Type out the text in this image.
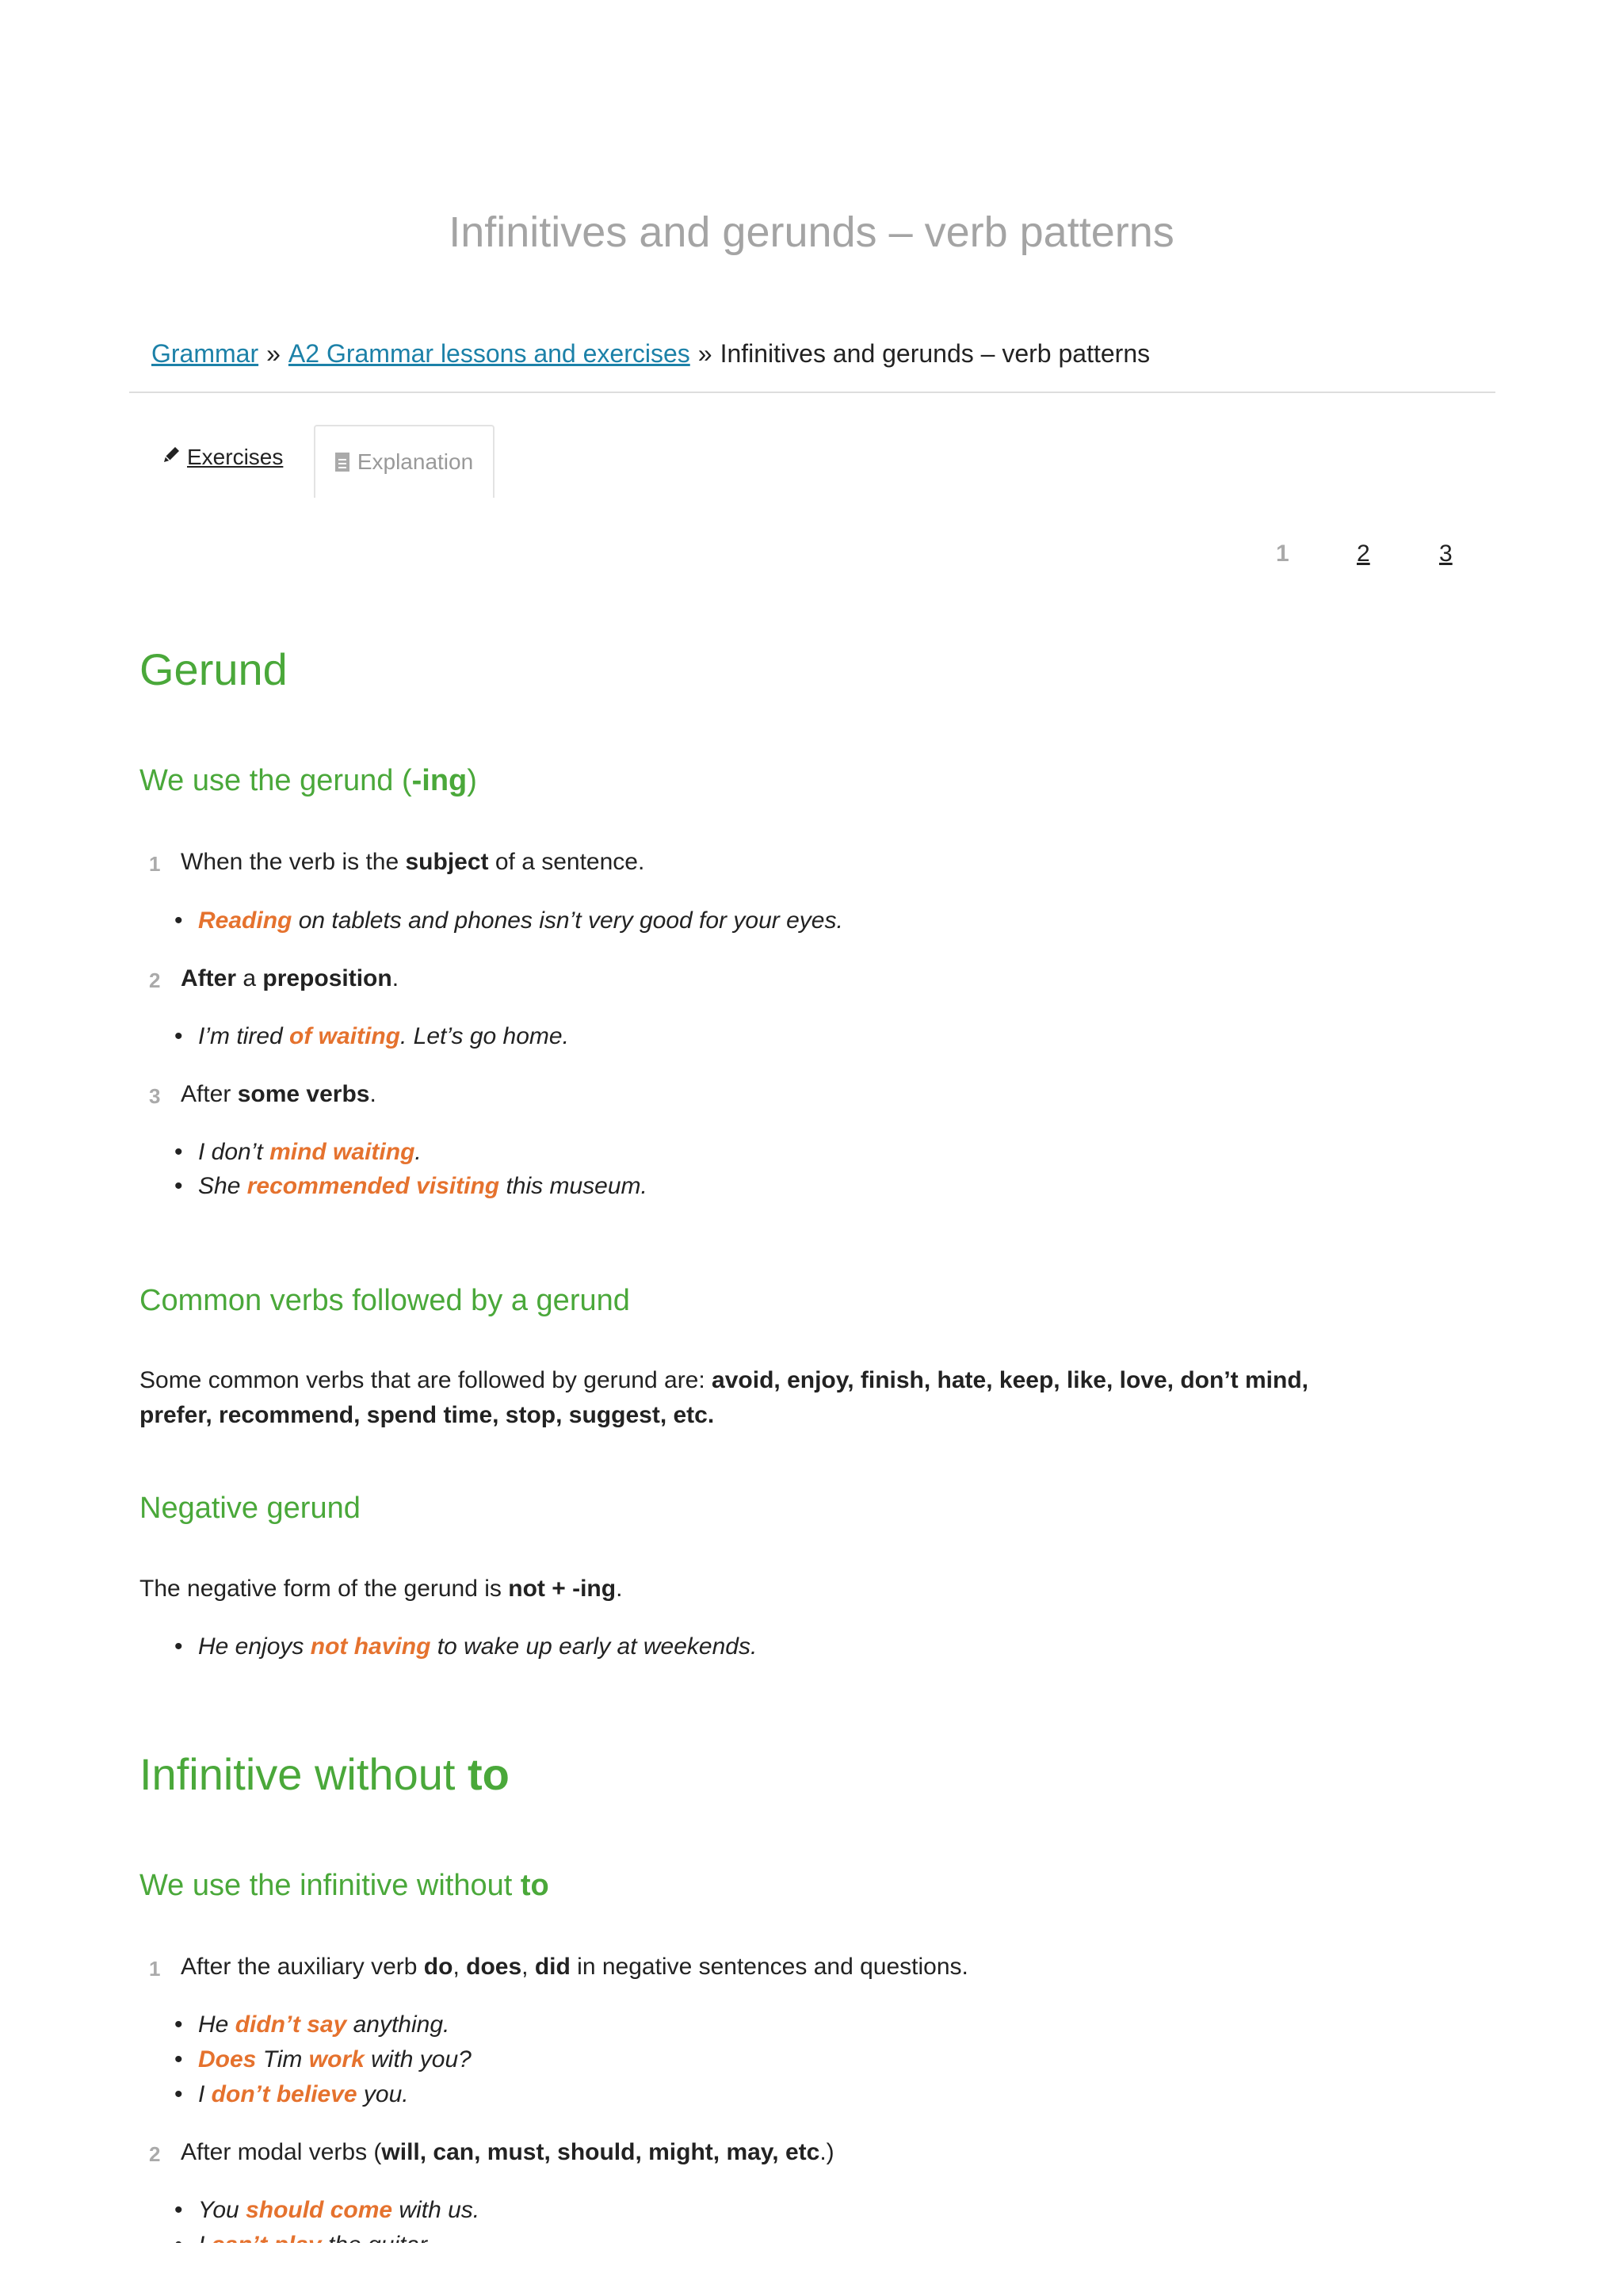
Infinitives and gerunds – verb patterns
Grammar » A2 Grammar lessons and exercises » Infinitives and gerunds – verb patterns
Exercises	Explanation
1	2	3
Gerund
We use the gerund (-ing)
1 When the verb is the subject of a sentence.

• Reading on tablets and phones isn’t very good for your eyes.

2 After a preposition.

• I’m tired of waiting. Let’s go home.

3 After some verbs.

• I don’t mind waiting.

• She recommended visiting this museum.

Common verbs followed by a gerund

Some common verbs that are followed by gerund are: avoid, enjoy, finish, hate, keep, like, love, don’t mind, prefer, recommend, spend time, stop, suggest, etc.

Negative gerund

The negative form of the gerund is not + -ing.

• He enjoys not having to wake up early at weekends.

Infinitive without to
We use the infinitive without to
1 After the auxiliary verb do, does, did in negative sentences and questions.

• He didn’t say anything.

• Does Tim work with you?

• I don’t believe you.

2 After modal verbs (will, can, must, should, might, may, etc.)

• You should come with us.

•
